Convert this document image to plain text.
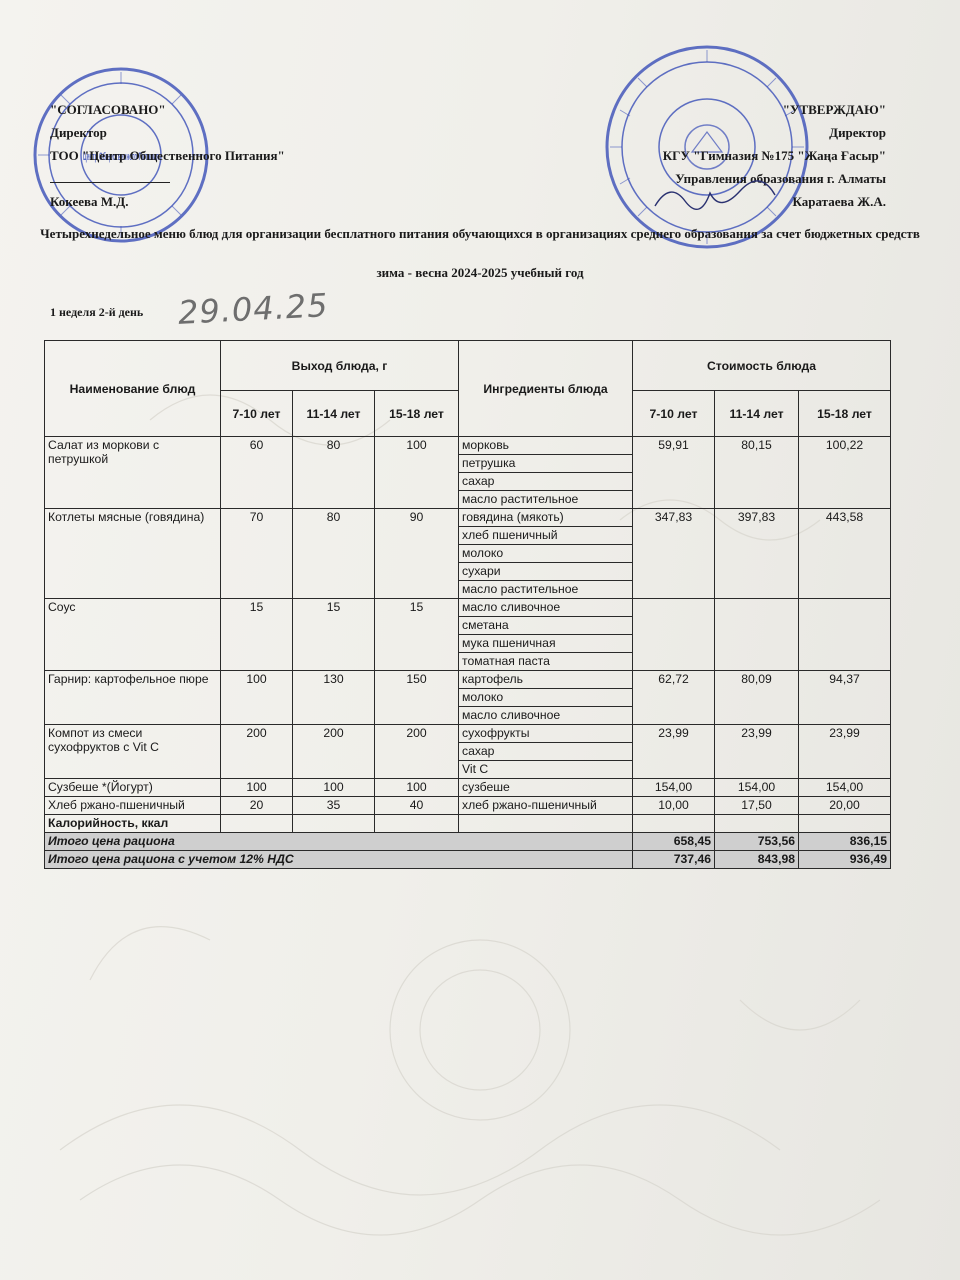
Центр Общественного Питания
"СОГЛАСОВАНО"
Директор
ТОО "Центр Общественного Питания"
Кокеева М.Д.
"УТВЕРЖДАЮ"
Директор
КГУ "Гимназия №175 "Жаңа Ғасыр"
Управления образования г. Алматы
Каратаева Ж.А.
Четырехнедельное меню блюд для организации бесплатного питания обучающихся в организациях среднего образования за счет бюджетных средств
зима - весна 2024-2025 учебный год
1 неделя 2-й день 29.04.25
Наименование блюд	Выход блюда, г			Ингредиенты блюда	Стоимость блюда		
	7-10 лет	11-14 лет	15-18 лет		7-10 лет	11-14 лет	15-18 лет
Салат из моркови с петрушкой	60	80	100	морковь	59,91	80,15	100,22
				петрушка			
				сахар			
				масло растительное			
Котлеты мясные (говядина)	70	80	90	говядина (мякоть)	347,83	397,83	443,58
				хлеб пшеничный			
				молоко			
				сухари			
				масло растительное			
Соус	15	15	15	масло сливочное			
				сметана			
				мука пшеничная			
				томатная паста			
Гарнир: картофельное пюре	100	130	150	картофель	62,72	80,09	94,37
				молоко			
				масло сливочное			
Компот из смеси сухофруктов с Vit C	200	200	200	сухофрукты	23,99	23,99	23,99
				сахар			
				Vit C			
Сузбеше *(Йогурт)	100	100	100	сузбеше	154,00	154,00	154,00
Хлеб ржано-пшеничный	20	35	40	хлеб ржано-пшеничный	10,00	17,50	20,00
Калорийность, ккал							
Итого цена рациона					658,45	753,56	836,15
Итого цена рациона с учетом 12% НДС					737,46	843,98	936,49
